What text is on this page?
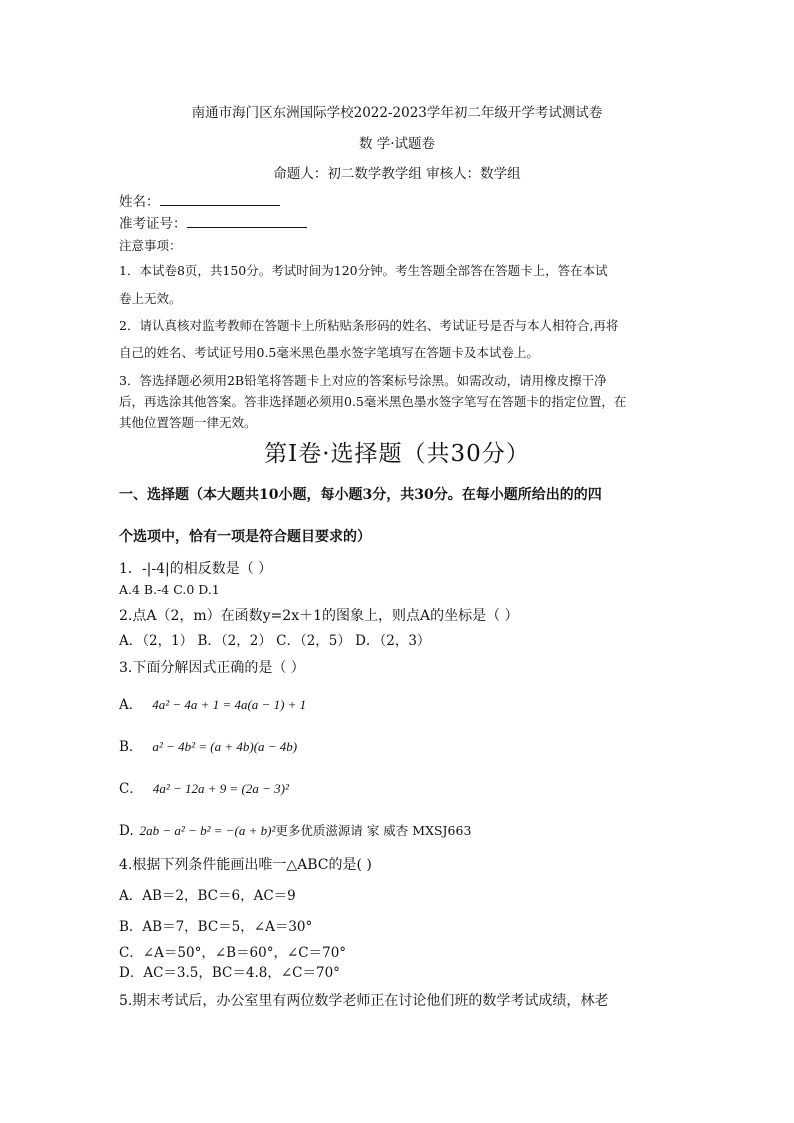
南通市海门区东洲国际学校2022-2023学年初二年级开学考试测试卷
数 学·试题卷
命题人：初二数学教学组 审核人：数学组
姓名：
准考证号：
注意事项：
1．本试卷8页，共150分。考试时间为120分钟。考生答题全部答在答题卡上，答在本试
卷上无效。
2．请认真核对监考教师在答题卡上所粘贴条形码的姓名、考试证号是否与本人相符合,再将
自己的姓名、考试证号用0.5毫米黑色墨水签字笔填写在答题卡及本试卷上。
3．答选择题必须用2B铅笔将答题卡上对应的答案标号涂黑。如需改动，请用橡皮擦干净
后，再选涂其他答案。答非选择题必须用0.5毫米黑色墨水签字笔写在答题卡的指定位置，在
其他位置答题一律无效。
第Ⅰ卷·选择题（共30分）
一、选择题（本大题共10小题，每小题3分，共30分。在每小题所给出的的四
个选项中，恰有一项是符合题目要求的）
1．-|-4|的相反数是（ ）
A.4 B.-4 C.0 D.1
2.点A（2，m）在函数y=2x＋1的图象上，则点A的坐标是（ ）
A．（2，1） B．（2，2） C．（2，5） D．（2，3）
3.下面分解因式正确的是（ ）
A． 4a² − 4a + 1 = 4a(a − 1) + 1
B． a² − 4b² = (a + 4b)(a − 4b)
C． 4a² − 12a + 9 = (2a − 3)²
D. 2ab − a² − b² = −(a + b)²更多优质滋源请 家 威杏 MXSJ663
4.根据下列条件能画出唯一△ABC的是( )
A．AB＝2，BC＝6，AC＝9
B．AB＝7，BC＝5，∠A＝30°
C．∠A＝50°，∠B＝60°，∠C＝70°
D．AC＝3.5，BC＝4.8，∠C＝70°
5.期末考试后，办公室里有两位数学老师正在讨论他们班的数学考试成绩，林老
